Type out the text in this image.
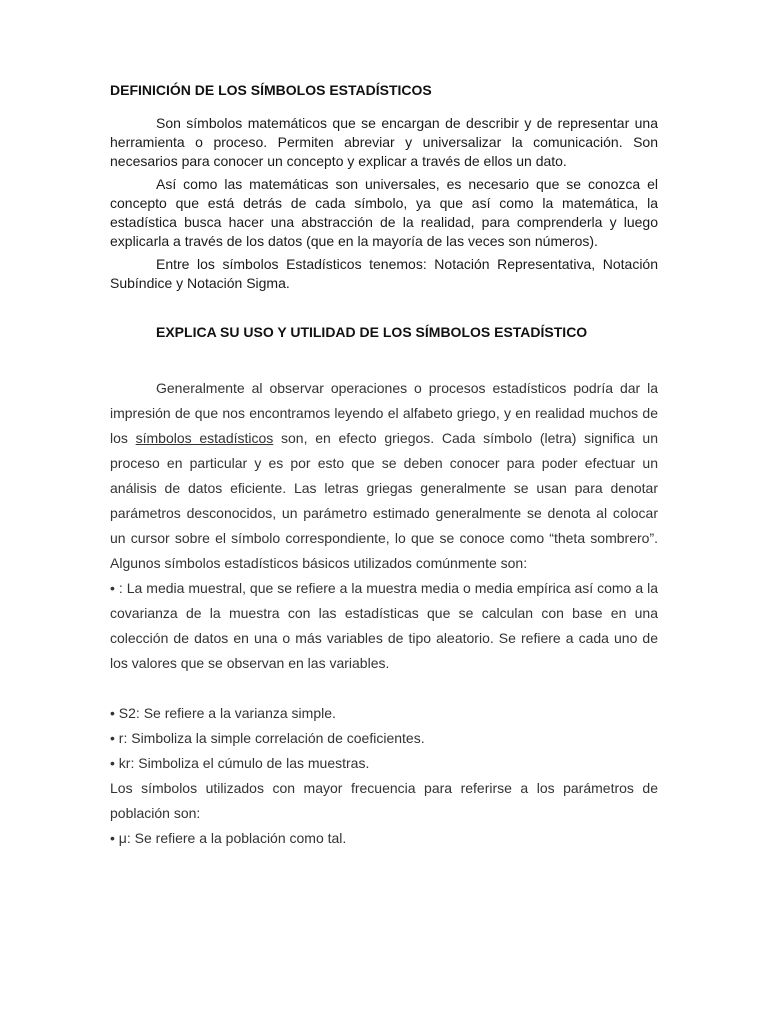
DEFINICIÓN DE LOS SÍMBOLOS ESTADÍSTICOS

Son símbolos matemáticos que se encargan de describir y de representar una herramienta o proceso. Permiten abreviar y universalizar la comunicación. Son necesarios para conocer un concepto y explicar a través de ellos un dato.

Así como las matemáticas son universales, es necesario que se conozca el concepto que está detrás de cada símbolo, ya que así como la matemática, la estadística busca hacer una abstracción de la realidad, para comprenderla y luego explicarla a través de los datos (que en la mayoría de las veces son números).

Entre los símbolos Estadísticos tenemos: Notación Representativa, Notación Subíndice y Notación Sigma.

EXPLICA SU USO Y UTILIDAD DE LOS SÍMBOLOS ESTADÍSTICO

Generalmente al observar operaciones o procesos estadísticos podría dar la impresión de que nos encontramos leyendo el alfabeto griego, y en realidad muchos de los símbolos estadísticos son, en efecto griegos. Cada símbolo (letra) significa un proceso en particular y es por esto que se deben conocer para poder efectuar un análisis de datos eficiente. Las letras griegas generalmente se usan para denotar parámetros desconocidos, un parámetro estimado generalmente se denota al colocar un cursor sobre el símbolo correspondiente, lo que se conoce como “theta sombrero”. Algunos símbolos estadísticos básicos utilizados comúnmente son:

• : La media muestral, que se refiere a la muestra media o media empírica así como a la covarianza de la muestra con las estadísticas que se calculan con base en una colección de datos en una o más variables de tipo aleatorio. Se refiere a cada uno de los valores que se observan en las variables.

• S2: Se refiere a la varianza simple.

• r: Simboliza la simple correlación de coeficientes.

• kr: Simboliza el cúmulo de las muestras.

Los símbolos utilizados con mayor frecuencia para referirse a los parámetros de población son:

• μ: Se refiere a la población como tal.
